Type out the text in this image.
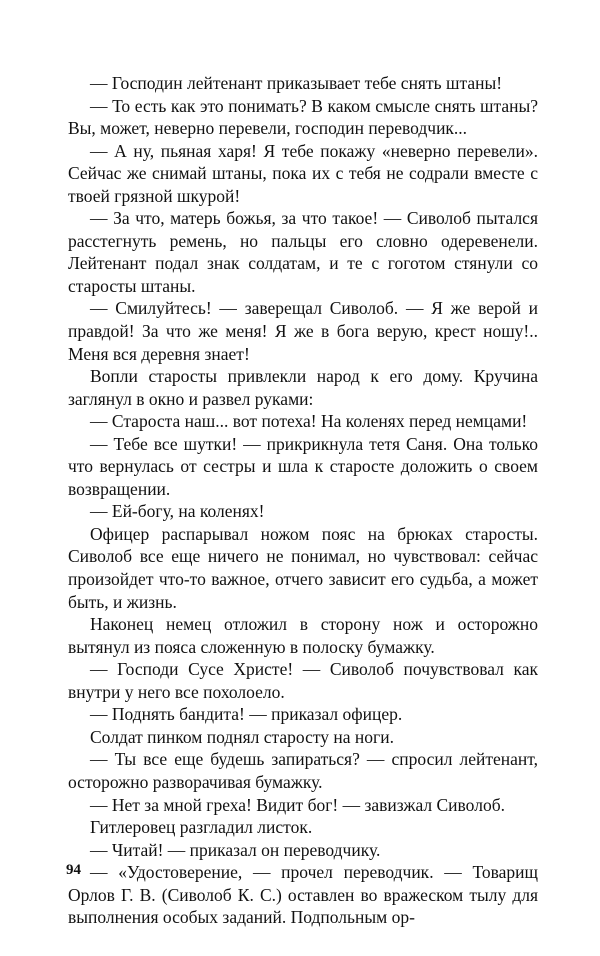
— Господин лейтенант приказывает тебе снять штаны!

— То есть как это понимать? В каком смысле снять штаны? Вы, может, неверно перевели, господин переводчик...

— А ну, пьяная харя! Я тебе покажу «неверно перевели». Сейчас же снимай штаны, пока их с тебя не содрали вместе с твоей грязной шкурой!

— За что, матерь божья, за что такое! — Сиволоб пытался расстегнуть ремень, но пальцы его словно одеревенели. Лейтенант подал знак солдатам, и те с гоготом стянули со старосты штаны.

— Смилуйтесь! — заверещал Сиволоб. — Я же верой и правдой! За что же меня! Я же в бога верую, крест ношу!.. Меня вся деревня знает!

Вопли старосты привлекли народ к его дому. Кручина заглянул в окно и развел руками:

— Староста наш... вот потеха! На коленях перед немцами!

— Тебе все шутки! — прикрикнула тетя Саня. Она только что вернулась от сестры и шла к старосте доложить о своем возвращении.

— Ей-богу, на коленях!

Офицер распарывал ножом пояс на брюках старосты. Сиволоб все еще ничего не понимал, но чувствовал: сейчас произойдет что-то важное, отчего зависит его судьба, а может быть, и жизнь.

Наконец немец отложил в сторону нож и осторожно вытянул из пояса сложенную в полоску бумажку.

— Господи Сусе Христе! — Сиволоб почувствовал как внутри у него все похолоело.

— Поднять бандита! — приказал офицер.

Солдат пинком поднял старосту на ноги.

— Ты все еще будешь запираться? — спросил лейтенант, осторожно разворачивая бумажку.

— Нет за мной греха! Видит бог! — завизжал Сиволоб.

Гитлеровец разгладил листок.

— Читай! — приказал он переводчику.

— «Удостоверение, — прочел переводчик. — Товарищ Орлов Г. В. (Сиволоб К. С.) оставлен во вражеском тылу для выполнения особых заданий. Подпольным ор-

94
